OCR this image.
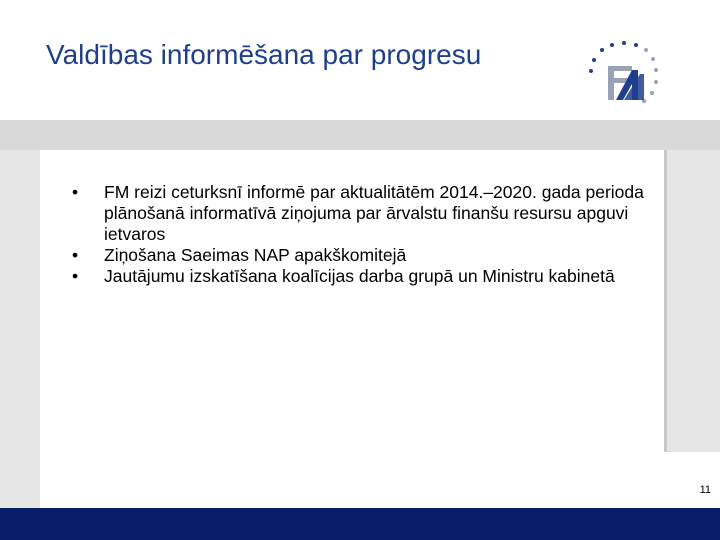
Valdības informēšana par progresu
• FM reizi ceturksnī informē par aktualitātēm 2014.–2020. gada perioda plānošanā informatīvā ziņojuma par ārvalstu finanšu resursu apguvi ietvaros
• Ziņošana Saeimas NAP apakškomitejā
• Jautājumu izskatīšana koalīcijas darba grupā un Ministru kabinetā
11
